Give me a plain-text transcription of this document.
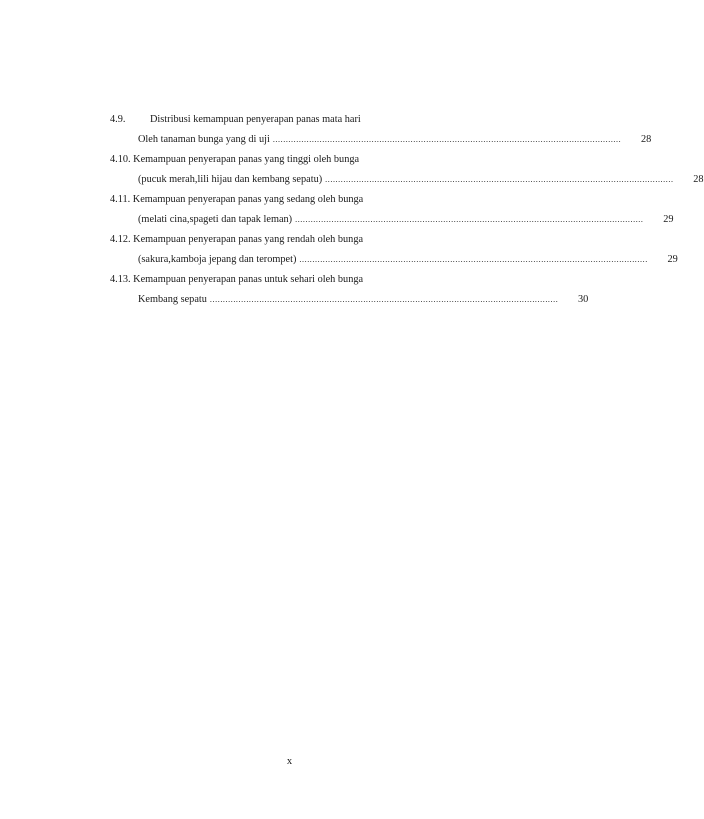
4.9. Distribusi kemampuan penyerapan panas mata hari
Oleh tanaman bunga yang di uji ......................................................................................................................................	28
4.10. Kemampuan penyerapan panas yang tinggi oleh bunga
(pucuk merah,lili hijau dan kembang sepatu) ......................................................................................................................................	28
4.11. Kemampuan penyerapan panas yang sedang oleh bunga
(melati cina,spageti dan tapak leman) ......................................................................................................................................	29
4.12. Kemampuan penyerapan panas yang rendah oleh bunga
(sakura,kamboja jepang dan terompet) ......................................................................................................................................	29
4.13. Kemampuan penyerapan panas untuk sehari oleh bunga
Kembang sepatu ......................................................................................................................................	30
x
